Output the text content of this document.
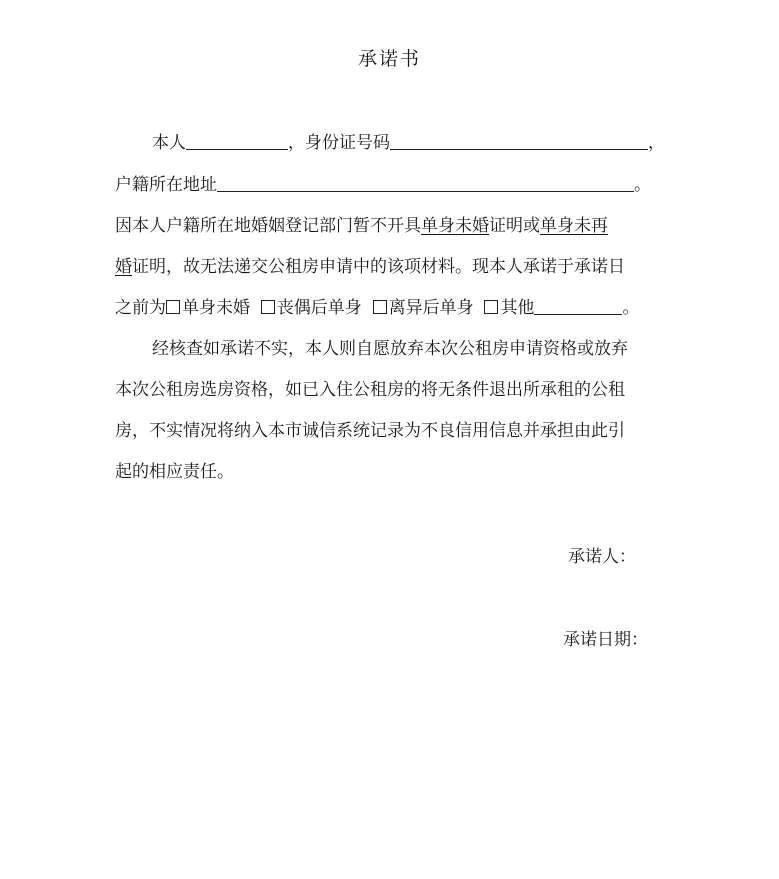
承诺书
本人	，身份证号码	，
户籍所在地址	。
因本人户籍所在地婚姻登记部门暂不开具单身未婚证明或单身未再
婚证明，故无法递交公租房申请中的该项材料。现本人承诺于承诺日
之前为 单身未婚 丧偶后单身 离异后单身 其他	。
经核查如承诺不实，本人则自愿放弃本次公租房申请资格或放弃
本次公租房选房资格，如已入住公租房的将无条件退出所承租的公租
房，不实情况将纳入本市诚信系统记录为不良信用信息并承担由此引
起的相应责任。
承诺人：
承诺日期：
